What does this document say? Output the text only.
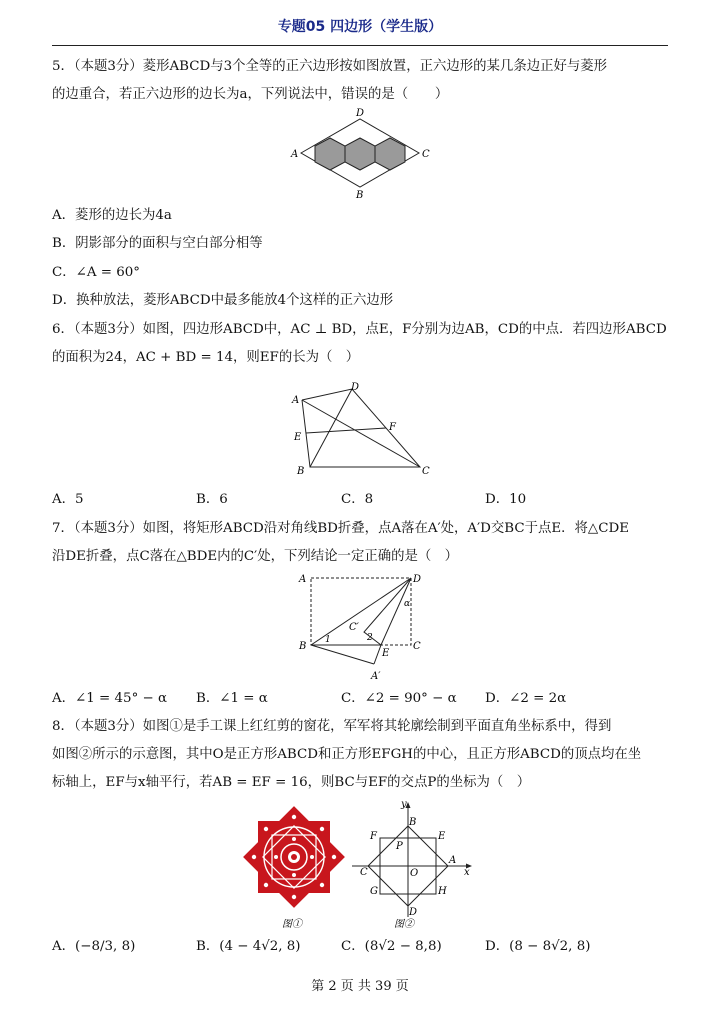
专题05 四边形（学生版）
5．（本题3分）菱形ABCD与3个全等的正六边形按如图放置，正六边形的某几条边正好与菱形
的边重合，若正六边形的边长为a，下列说法中，错误的是（　　）
A	C
D
B
A．菱形的边长为4a
B．阴影部分的面积与空白部分相等
C．∠A = 60°
D．换种放法，菱形ABCD中最多能放4个这样的正六边形
6．（本题3分）如图，四边形ABCD中，AC ⊥ BD，点E，F分别为边AB，CD的中点．若四边形ABCD
的面积为24，AC + BD = 14，则EF的长为（　）
A
D
F
E
B	C
A．5	B．6	C．8	D．10
7．（本题3分）如图，将矩形ABCD沿对角线BD折叠，点A落在A′处，A′D交BC于点E．将△CDE
沿DE折叠，点C落在△BDE内的C′处，下列结论一定正确的是（　）
A	D
B	C
E
C′
A′
1	2
α
A．∠1 = 45° − α B．∠1 = α	C．∠2 = 90° − α D．∠2 = 2α
8．（本题3分）如图①是手工课上红红剪的窗花，军军将其轮廓绘制到平面直角坐标系中，得到
如图②所示的示意图，其中O是正方形ABCD和正方形EFGH的中心，且正方形ABCD的顶点均在坐
标轴上，EF与x轴平行，若AB = EF = 16，则BC与EF的交点P的坐标为（　）
图①
y
x
B
D
A
C
F	E
G	H
P
O
图②
A．(−8/3, 8)	B．(4 − 4√2, 8)	C．(8√2 − 8,8)	D．(8 − 8√2, 8)
第 2 页 共 39 页
